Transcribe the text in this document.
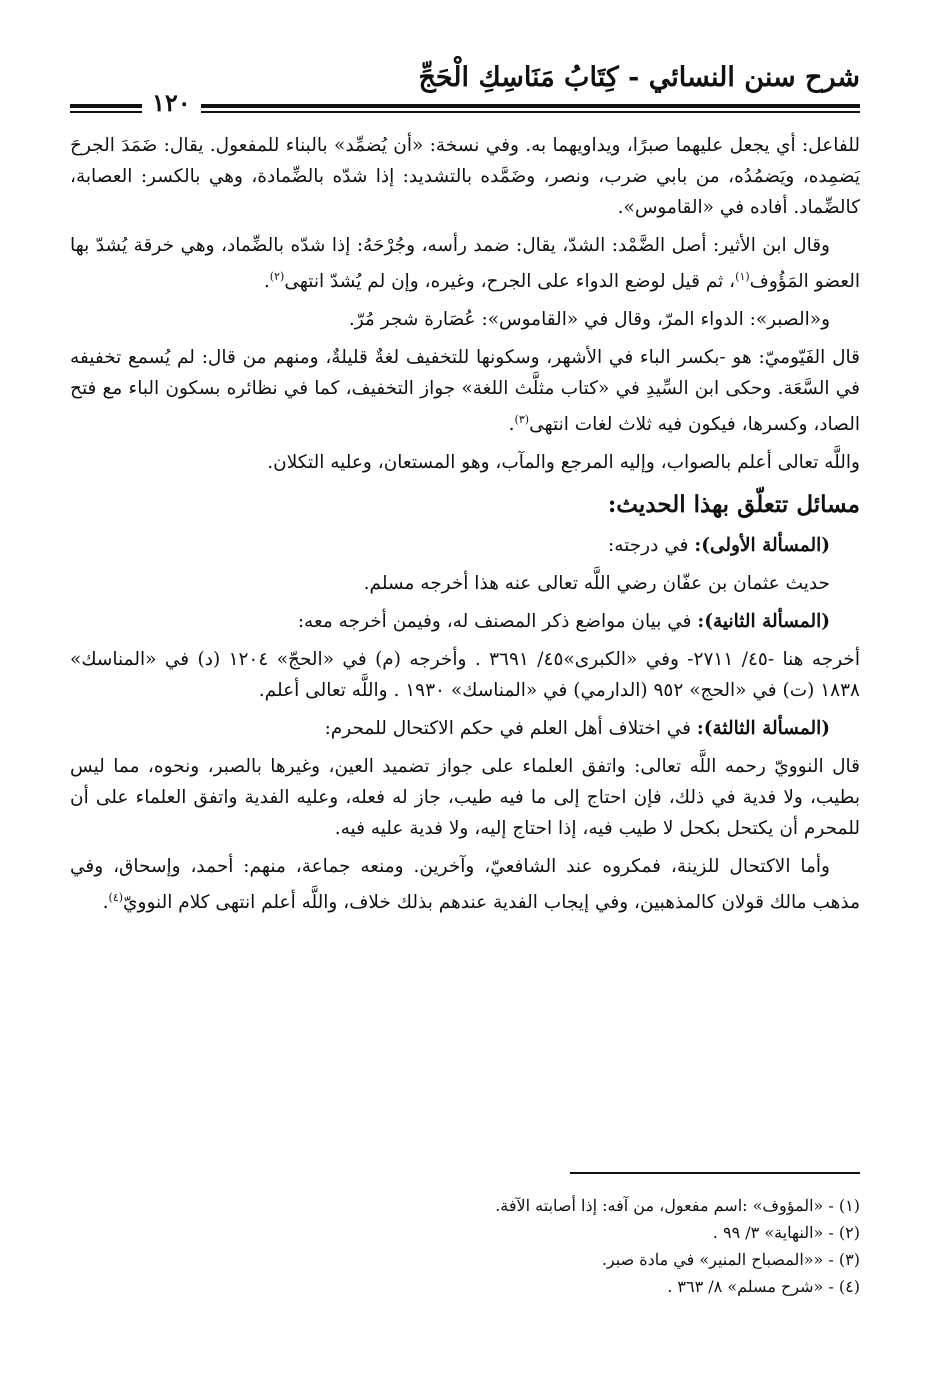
شرح سنن النسائي - كِتَابُ مَنَاسِكِ الْحَجِّ
١٢٠

للفاعل: أي يجعل عليهما صبرًا، ويداويهما به. وفي نسخة: «أن يُضمِّد» بالبناء للمفعول. يقال: ضَمَدَ الجرحَ يَضمِده، ويَضمُدُه، من بابي ضرب، ونصر، وضَمَّده بالتشديد: إذا شدّه بالضِّمادة، وهي بالكسر: العصابة، كالضِّماد. أفاده في «القاموس».

وقال ابن الأثير: أصل الضَّمْد: الشدّ، يقال: ضمد رأسه، وجُرْحَهُ: إذا شدّه بالضِّماد، وهي خرقة يُشدّ بها العضو المَؤُوف$^{(١)}$، ثم قيل لوضع الدواء على الجرح، وغيره، وإن لم يُشدّ انتهى$^{(٢)}$.

و«الصبر»: الدواء المرّ، وقال في «القاموس»: عُصَارة شجر مُرّ.

قال الفَيّوميّ: هو -بكسر الباء في الأشهر، وسكونها للتخفيف لغةٌ قليلةٌ، ومنهم من قال: لم يُسمع تخفيفه في السَّعَة. وحكى ابن السِّيدِ في «كتاب مثلَّث اللغة» جواز التخفيف، كما في نظائره بسكون الباء مع فتح الصاد، وكسرها، فيكون فيه ثلاث لغات انتهى$^{(٣)}$.

واللَّه تعالى أعلم بالصواب، وإليه المرجع والمآب، وهو المستعان، وعليه التكلان.

مسائل تتعلّق بهذا الحديث:

(المسألة الأولى): في درجته:

حديث عثمان بن عفّان رضي اللَّه تعالى عنه هذا أخرجه مسلم.

(المسألة الثانية): في بيان مواضع ذكر المصنف له، وفيمن أخرجه معه:

أخرجه هنا -٤٥/ ٢٧١١- وفي «الكبرى»٤٥/ ٣٦٩١ . وأخرجه (م) في «الحجّ» ١٢٠٤ (د) في «المناسك» ١٨٣٨ (ت) في «الحج» ٩٥٢ (الدارمي) في «المناسك» ١٩٣٠ . واللَّه تعالى أعلم.

(المسألة الثالثة): في اختلاف أهل العلم في حكم الاكتحال للمحرم:

قال النوويّ رحمه اللَّه تعالى: واتفق العلماء على جواز تضميد العين، وغيرها بالصبر، ونحوه، مما ليس بطيب، ولا فدية في ذلك، فإن احتاج إلى ما فيه طيب، جاز له فعله، وعليه الفدية واتفق العلماء على أن للمحرم أن يكتحل بكحل لا طيب فيه، إذا احتاج إليه، ولا فدية عليه فيه.

وأما الاكتحال للزينة، فمكروه عند الشافعيّ، وآخرين. ومنعه جماعة، منهم: أحمد، وإسحاق، وفي مذهب مالك قولان كالمذهبين، وفي إيجاب الفدية عندهم بذلك خلاف، واللَّه أعلم انتهى كلام النوويّ$^{(٤)}$.

(١) - «المؤوف» :اسم مفعول، من آفه: إذا أصابته الآفة.

(٢) - «النهاية» ٣/ ٩٩ .

(٣) - ««المصباح المنير» في مادة صبر.

(٤) - «شرح مسلم» ٨/ ٣٦٣ .
